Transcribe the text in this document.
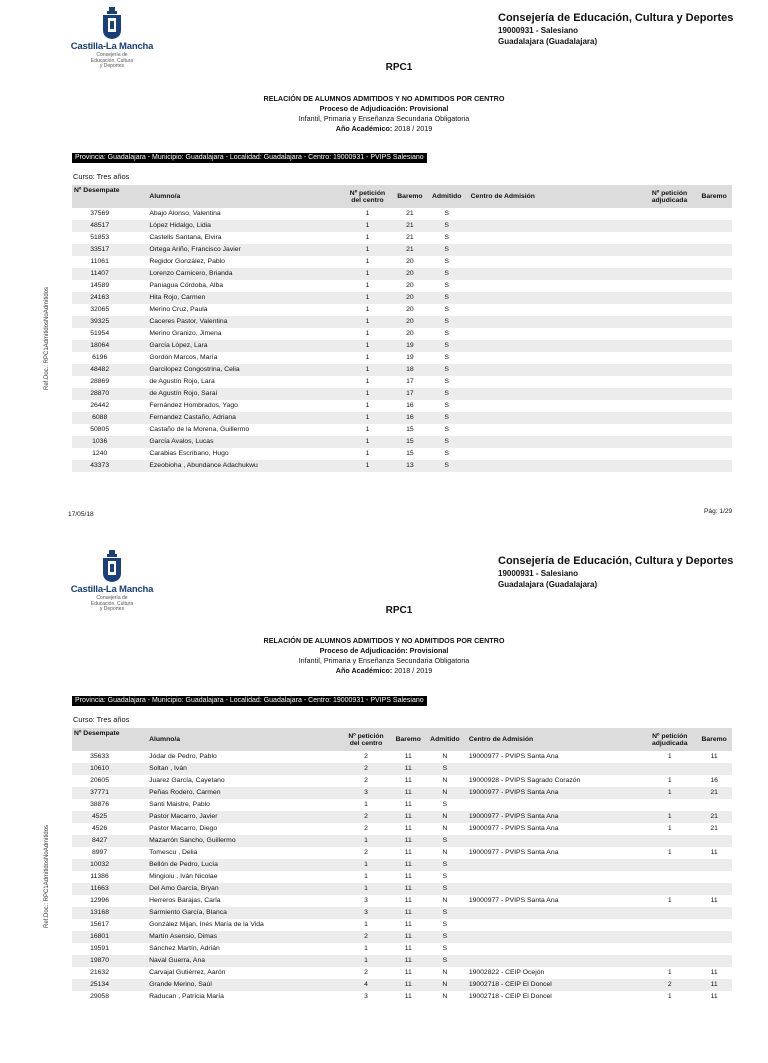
Castilla-La Mancha
Consejería de
Educación, Cultura
y Deportes
Consejería de Educación, Cultura y Deportes
19000931 - Salesiano
Guadalajara (Guadalajara)
RPC1
RELACIÓN DE ALUMNOS ADMITIDOS Y NO ADMITIDOS POR CENTRO
Proceso de Adjudicación: Provisional
Infantil, Primaria y Enseñanza Secundaria Obligatoria
Año Académico: 2018 / 2019
Provincia: Guadalajara - Municipio: Guadalajara - Localidad: Guadalajara - Centro: 19000931 - PVIPS Salesiano
Curso: Tres años
Nº Desempate	Alumno/a	Nº petición
del centro	Baremo	Admitido	Centro de Admisión	Nº petición
adjudicada	Baremo
37569	Abajo Alonso, Valentina	1	21	S			
48517	López Hidalgo, Lidia	1	21	S			
51853	Castells Santana, Elvira	1	21	S			
33517	Ortega Ariño, Francisco Javier	1	21	S			
11061	Regidor González, Pablo	1	20	S			
11407	Lorenzo Carnicero, Brianda	1	20	S			
14589	Paniagua Córdoba, Alba	1	20	S			
24163	Hita Rojo, Carmen	1	20	S			
32065	Merino Cruz, Paula	1	20	S			
39325	Caceres Pastor, Valentina	1	20	S			
51954	Merino Granizo, Jimena	1	20	S			
18064	García López, Lara	1	19	S			
6196	Gordón Marcos, María	1	19	S			
48482	Garcilopez Congostrina, Celia	1	18	S			
28869	de Agustín Rojo, Lara	1	17	S			
28870	de Agustín Rojo, Saraí	1	17	S			
26442	Fernández Hombrados, Yago	1	16	S			
6088	Fernandez Castaño, Adriana	1	16	S			
50805	Castaño de la Morena, Guillermo	1	15	S			
1036	García Avalos, Lucas	1	15	S			
1240	Carabias Escribano, Hugo	1	15	S			
43373	Ezeobioha , Abundance Adachukwu	1	13	S			
17/05/18	Pág: 1/29
Ref.Doc.: RPC1AdmitidosNoAdmitidos
Castilla-La Mancha
Consejería de
Educación, Cultura
y Deportes
Consejería de Educación, Cultura y Deportes
19000931 - Salesiano
Guadalajara (Guadalajara)
RPC1
RELACIÓN DE ALUMNOS ADMITIDOS Y NO ADMITIDOS POR CENTRO
Proceso de Adjudicación: Provisional
Infantil, Primaria y Enseñanza Secundaria Obligatoria
Año Académico: 2018 / 2019
Provincia: Guadalajara - Municipio: Guadalajara - Localidad: Guadalajara - Centro: 19000931 - PVIPS Salesiano
Curso: Tres años
Nº Desempate	Alumno/a	Nº petición
del centro	Baremo	Admitido	Centro de Admisión	Nº petición
adjudicada	Baremo
35633	Jódar de Pedro, Pablo	2	11	N	19000977 - PVIPS Santa Ana	1	11
10610	Soltan , Iván	2	11	S			
20605	Juarez García, Cayetano	2	11	N	19000928 - PVIPS Sagrado Corazón	1	16
37771	Peñas Rodero, Carmen	3	11	N	19000977 - PVIPS Santa Ana	1	21
38876	Santi Maistre, Pablo	1	11	S			
4525	Pastor Macarro, Javier	2	11	N	19000977 - PVIPS Santa Ana	1	21
4526	Pastor Macarro, Diego	2	11	N	19000977 - PVIPS Santa Ana	1	21
8427	Mazarrón Sancho, Guillermo	1	11	S			
8997	Tomescu , Delia	2	11	N	19000977 - PVIPS Santa Ana	1	11
10032	Bellón de Pedro, Lucía	1	11	S			
11386	Mingioiu , Iván Nicolae	1	11	S			
11663	Del Amo García, Bryan	1	11	S			
12996	Herreros Barajas, Carla	3	11	N	19000977 - PVIPS Santa Ana	1	11
13168	Sarmiento García, Blanca	3	11	S			
15617	González Mijan, Inés María de la Vida	1	11	S			
16801	Martín Asensio, Dimas	2	11	S			
19591	Sánchez Martín, Adrián	1	11	S			
19870	Naval Guerra, Ana	1	11	S			
21632	Carvajal Gutiérrez, Aarón	2	11	N	19002822 - CEIP Ocejón	1	11
25134	Grande Merino, Saúl	4	11	N	19002718 - CEIP El Doncel	2	11
29058	Raducan , Patricia María	3	11	N	19002718 - CEIP El Doncel	1	11
Ref.Doc.: RPC1AdmitidosNoAdmitidos
